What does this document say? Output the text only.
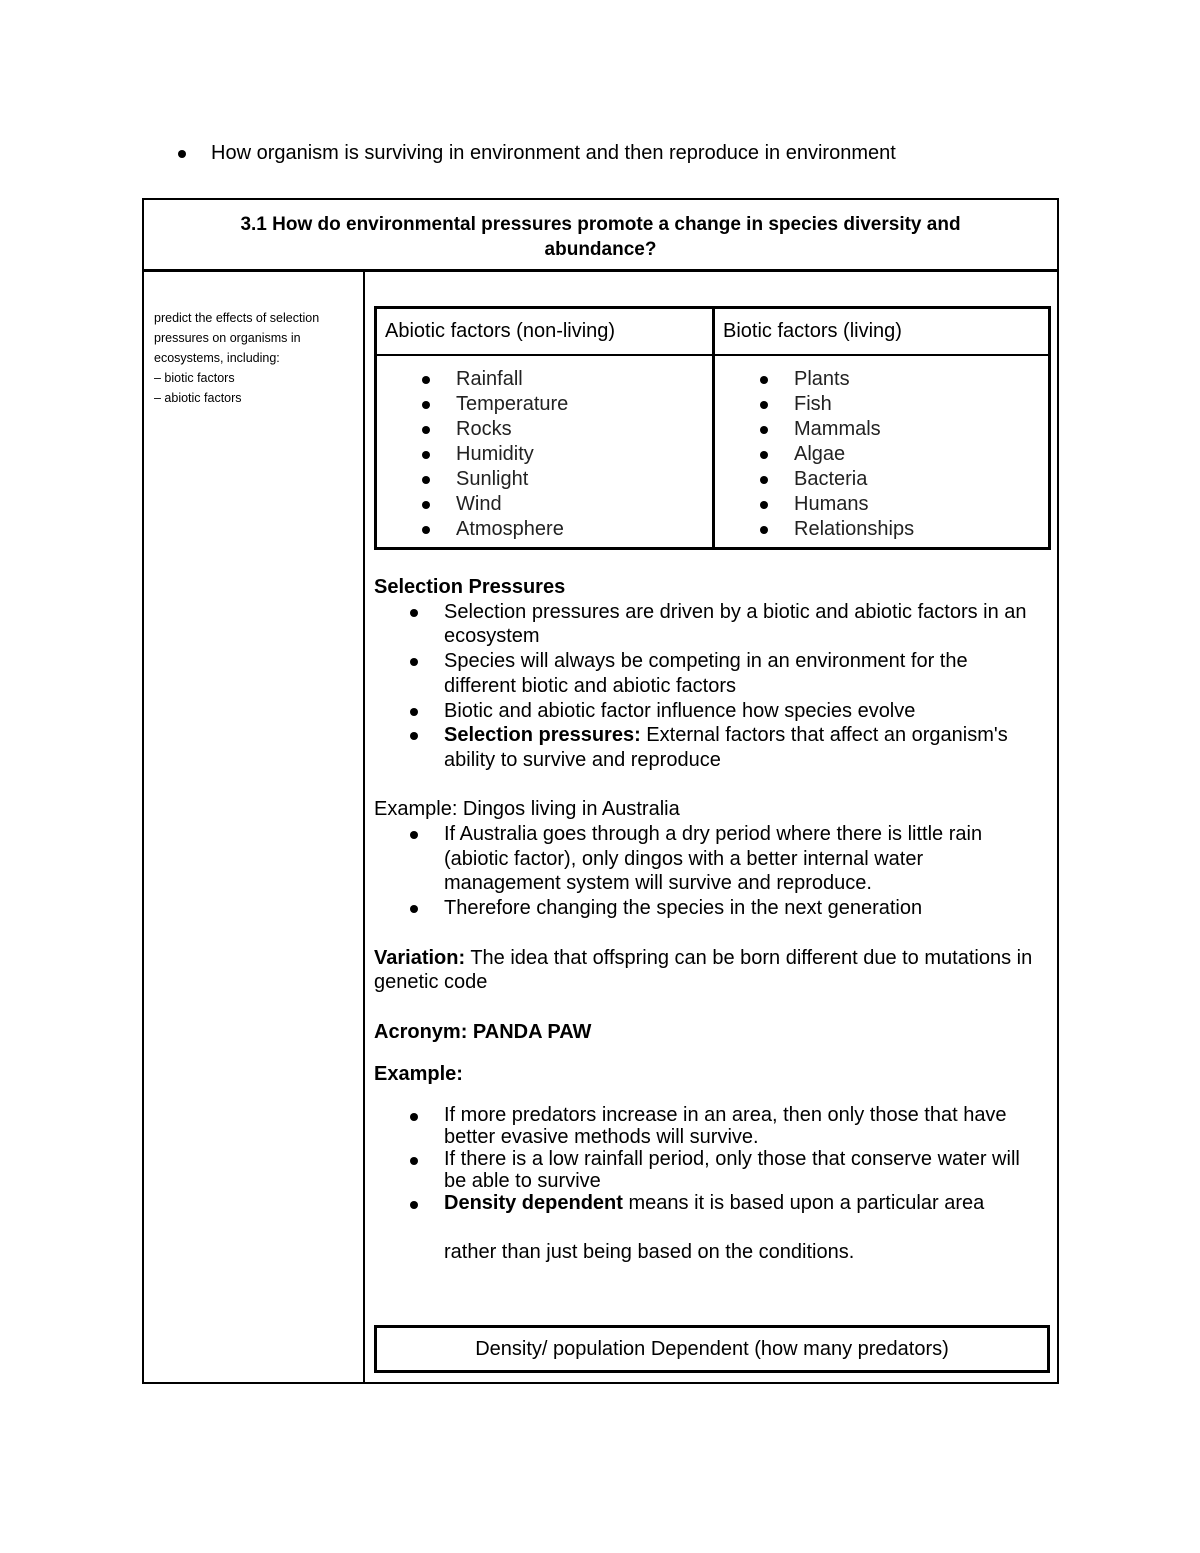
How organism is surviving in environment and then reproduce in environment
3.1 How do environmental pressures promote a change in species diversity and
abundance?
predict the effects of selection
pressures on organisms in
ecosystems, including:
– biotic factors
– abiotic factors
Abiotic factors (non-living)	Biotic factors (living)
Rainfall
Temperature
Rocks
Humidity
Sunlight
Wind
Atmosphere
Plants
Fish
Mammals
Algae
Bacteria
Humans
Relationships
Selection Pressures
Selection pressures are driven by a biotic and abiotic factors in an ecosystem
Species will always be competing in an environment for the different biotic and abiotic factors
Biotic and abiotic factor influence how species evolve
Selection pressures: External factors that affect an organism's ability to survive and reproduce
Example: Dingos living in Australia
If Australia goes through a dry period where there is little rain (abiotic factor), only dingos with a better internal water management system will survive and reproduce.
Therefore changing the species in the next generation
Variation: The idea that offspring can be born different due to mutations in genetic code
Acronym: PANDA PAW
Example:
If more predators increase in an area, then only those that have better evasive methods will survive.
If there is a low rainfall period, only those that conserve water will be able to survive
Density dependent means it is based upon a particular area
rather than just being based on the conditions.
Density/ population Dependent (how many predators)
